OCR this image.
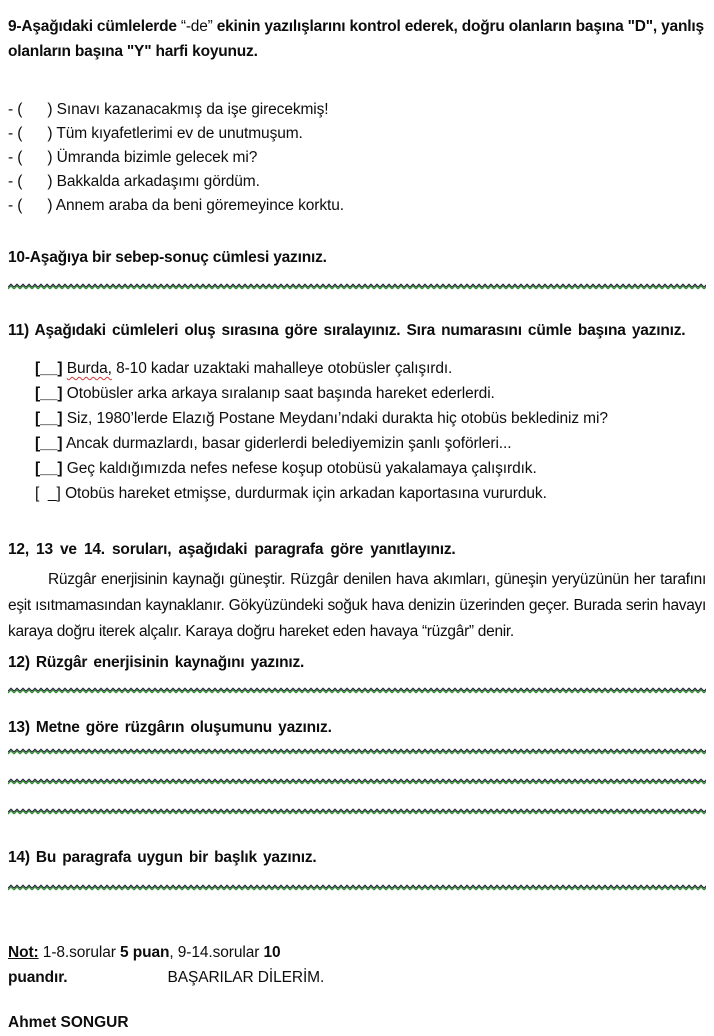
9-Aşağıdaki cümlelerde “-de” ekinin yazılışlarını kontrol ederek, doğru olanların başına "D", yanlış olanların başına "Y" harfi koyunuz.

- ( ) Sınavı kazanacakmış da işe girecekmiş!
- ( ) Tüm kıyafetlerimi ev de unutmuşum.
- ( ) Ümranda bizimle gelecek mi?
- ( ) Bakkalda arkadaşımı gördüm.
- ( ) Annem araba da beni göremeyince korktu.

10-Aşağıya bir sebep-sonuç cümlesi yazınız.

11) Aşağıdaki cümleleri oluş sırasına göre sıralayınız. Sıra numarasını cümle başına yazınız.

[__] Burda, 8-10 kadar uzaktaki mahalleye otobüsler çalışırdı.
[__] Otobüsler arka arkaya sıralanıp saat başında hareket ederlerdi.
[__] Siz, 1980’lerde Elazığ Postane Meydanı’ndaki durakta hiç otobüs beklediniz mi?
[__] Ancak durmazlardı, basar giderlerdi belediyemizin şanlı şoförleri...
[__] Geç kaldığımızda nefes nefese koşup otobüsü yakalamaya çalışırdık.
[  _] Otobüs hareket etmişse, durdurmak için arkadan kaportasına vururduk.

12, 13 ve 14. soruları, aşağıdaki paragrafa göre yanıtlayınız.

Rüzgâr enerjisinin kaynağı güneştir. Rüzgâr denilen hava akımları, güneşin yeryüzünün her tarafını eşit ısıtmamasından kaynaklanır. Gökyüzündeki soğuk hava denizin üzerinden geçer. Burada serin havayı karaya doğru iterek alçalır. Karaya doğru hareket eden havaya “rüzgâr” denir.

12) Rüzgâr enerjisinin kaynağını yazınız.

13) Metne göre rüzgârın oluşumunu yazınız.

14) Bu paragrafa uygun bir başlık yazınız.

Not: 1-8.sorular 5 puan, 9-14.sorular 10
puandır.	BAŞARILAR DİLERİM.
Ahmet SONGUR
